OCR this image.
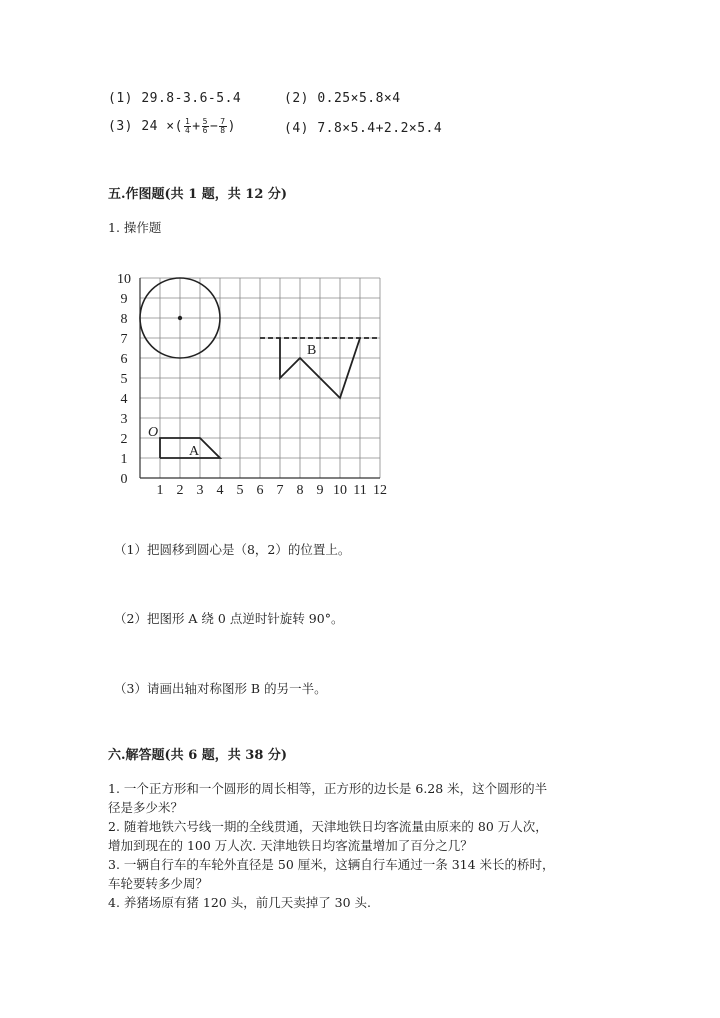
(1) 29.8-3.6-5.4	(2) 0.25×5.8×4
(3) 24 ×( $\frac{1}{4} + \frac{5}{6} - \frac{7}{8}$ )	(4) 7.8×5.4+2.2×5.4
五.作图题(共 1 题，共 12 分)
1. 操作题
1 2 3 4 5 6 7 8 9 10 11 12
0
1
2
3
4
5
6
7
8
9
10
A
O
B
（1）把圆移到圆心是（8，2）的位置上。
（2）把图形 A 绕 0 点逆时针旋转 90°。
（3）请画出轴对称图形 B 的另一半。
六.解答题(共 6 题，共 38 分)
1. 一个正方形和一个圆形的周长相等，正方形的边长是 6.28 米，这个圆形的半
径是多少米？
2. 随着地铁六号线一期的全线贯通，天津地铁日均客流量由原来的 80 万人次，
增加到现在的 100 万人次. 天津地铁日均客流量增加了百分之几？
3. 一辆自行车的车轮外直径是 50 厘米，这辆自行车通过一条 314 米长的桥时，
车轮要转多少周？
4. 养猪场原有猪 120 头，前几天卖掉了 30 头.
